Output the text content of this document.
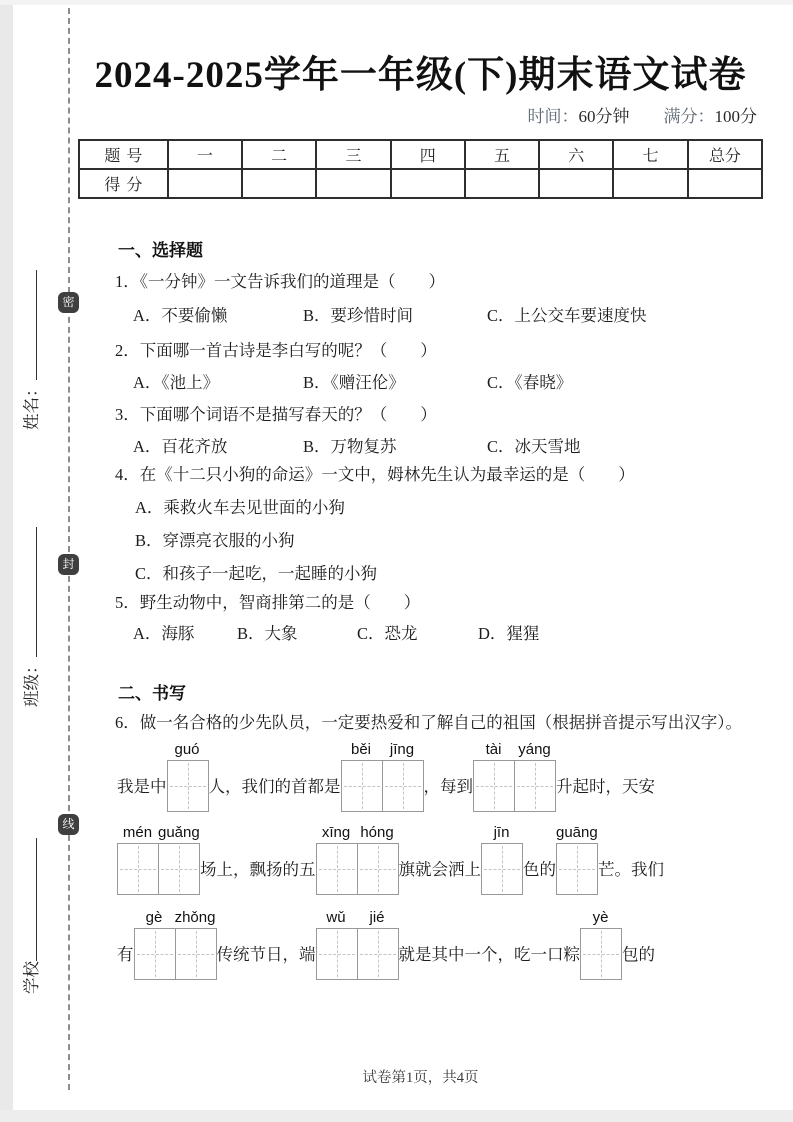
密
封
线
姓名：
班级：
学校
2024-2025学年一年级(下)期末语文试卷
时间：60分钟 满分：100分
题号	一	二	三	四	五	六	七	总分
得分								
一、选择题
1．《一分钟》一文告诉我们的道理是（　　）
A．不要偷懒	B．要珍惜时间	C．上公交车要速度快
2．下面哪一首古诗是李白写的呢？（　　）
A．《池上》	B．《赠汪伦》	C．《春晓》
3．下面哪个词语不是描写春天的？（　　）
A．百花齐放	B．万物复苏	C．冰天雪地
4．在《十二只小狗的命运》一文中，姆林先生认为最幸运的是（　　）
A．乘救火车去见世面的小狗
B．穿漂亮衣服的小狗
C．和孩子一起吃，一起睡的小狗
5．野生动物中，智商排第二的是（　　）
A．海豚	B．大象	C．恐龙	D．猩猩
二、书写
6．做一名合格的少先队员，一定要热爱和了解自己的祖国（根据拼音提示写出汉字）。
我是中
guó
人，我们的首都是
běi	jīng
，每到
tài	yáng
升起时，天安
mén guǎng
场上，飘扬的五
xīng hóng
旗就会洒上
jīn
色的
guāng
芒。我们
有
gè zhǒng
传统节日，端
wǔ	jié
就是其中一个，吃一口粽
yè
包的
试卷第1页，共4页
